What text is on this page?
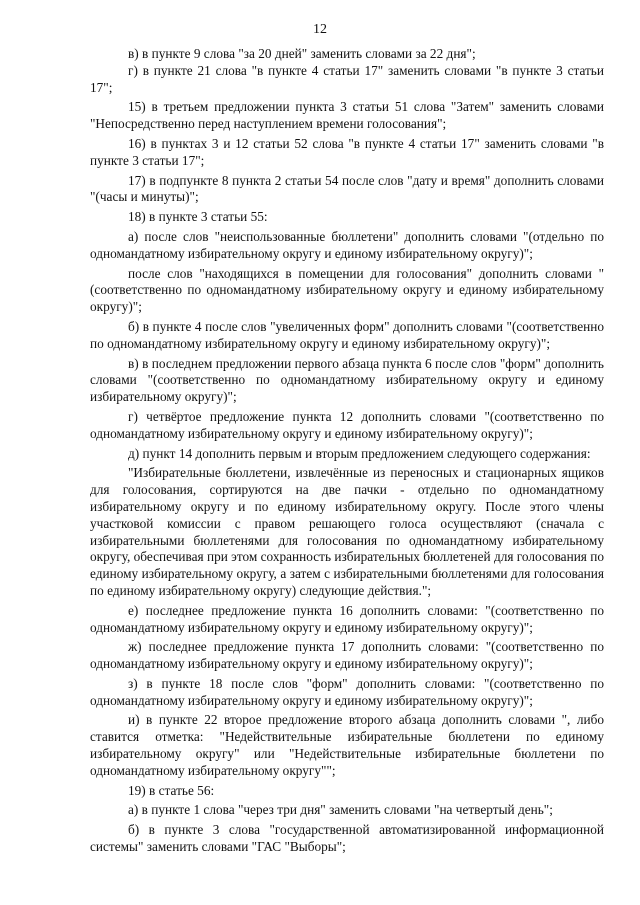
12

в) в пункте 9 слова "за 20 дней" заменить словами за 22 дня";

г) в пункте 21 слова "в пункте 4 статьи 17" заменить словами "в пункте 3 статьи 17";

15) в третьем предложении пункта 3 статьи 51 слова "Затем" заменить словами "Непосредственно перед наступлением времени голосования";

16) в пунктах 3 и 12 статьи 52 слова "в пункте 4 статьи 17" заменить словами "в пункте 3 статьи 17";

17) в подпункте 8 пункта 2 статьи 54 после слов "дату и время" дополнить словами "(часы и минуты)";

18) в пункте 3 статьи 55:

а) после слов "неиспользованные бюллетени" дополнить словами "(отдельно по одномандатному избирательному округу и единому избирательному округу)";

после слов "находящихся в помещении для голосования" дополнить словами "(соответственно по одномандатному избирательному округу и единому избирательному округу)";

б) в пункте 4 после слов "увеличенных форм" дополнить словами "(соответственно по одномандатному избирательному округу и единому избирательному округу)";

в) в последнем предложении первого абзаца пункта 6 после слов "форм" дополнить словами "(соответственно по одномандатному избирательному округу и единому избирательному округу)";

г) четвёртое предложение пункта 12 дополнить словами "(соответственно по одномандатному избирательному округу и единому избирательному округу)";

д) пункт 14 дополнить первым и вторым предложением следующего содержания:

"Избирательные бюллетени, извлечённые из переносных и стационарных ящиков для голосования, сортируются на две пачки - отдельно по одномандатному избирательному округу и по единому избирательному округу. После этого члены участковой комиссии с правом решающего голоса осуществляют (сначала с избирательными бюллетенями для голосования по одномандатному избирательному округу, обеспечивая при этом сохранность избирательных бюллетеней для голосования по единому избирательному округу, а затем с избирательными бюллетенями для голосования по единому избирательному округу) следующие действия.";

е) последнее предложение пункта 16 дополнить словами: "(соответственно по одномандатному избирательному округу и единому избирательному округу)";

ж) последнее предложение пункта 17 дополнить словами: "(соответственно по одномандатному избирательному округу и единому избирательному округу)";

з) в пункте 18 после слов "форм" дополнить словами: "(соответственно по одномандатному избирательному округу и единому избирательному округу)";

и) в пункте 22 второе предложение второго абзаца дополнить словами ", либо ставится отметка: "Недействительные избирательные бюллетени по единому избирательному округу" или "Недействительные избирательные бюллетени по одномандатному избирательному округу"";

19) в статье 56:

а) в пункте 1 слова "через три дня" заменить словами "на четвертый день";

б) в пункте 3 слова "государственной автоматизированной информационной системы" заменить словами "ГАС "Выборы";
